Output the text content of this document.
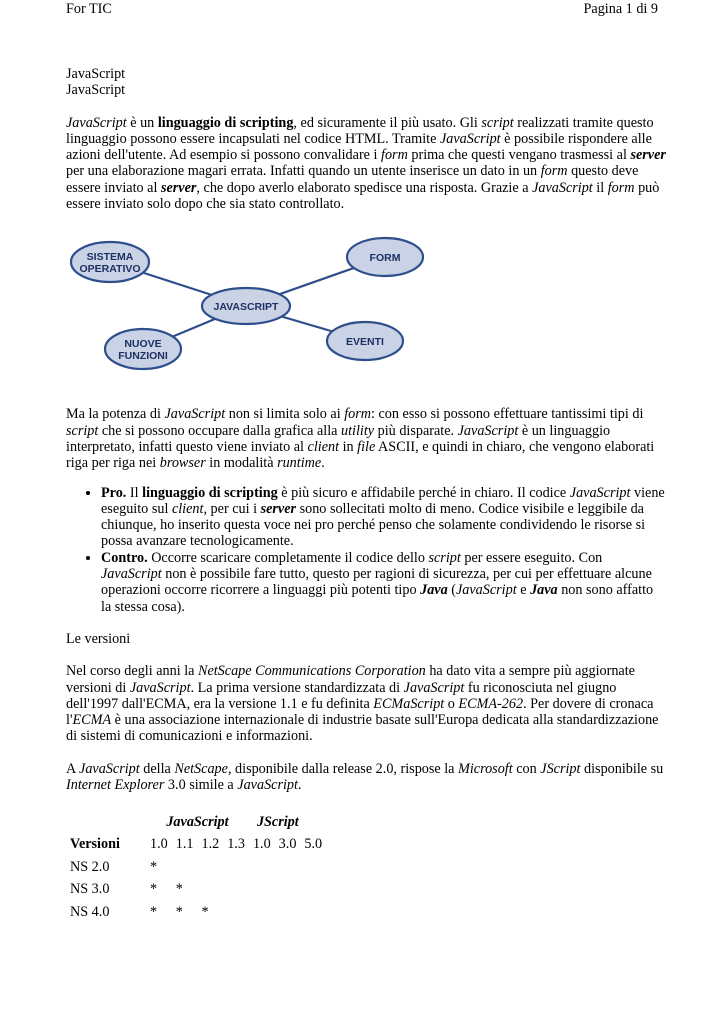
For TIC	Pagina 1 di 9

JavaScript

JavaScript

JavaScript è un linguaggio di scripting, ed sicuramente il più usato. Gli script realizzati tramite questo linguaggio possono essere incapsulati nel codice HTML. Tramite JavaScript è possibile rispondere alle azioni dell'utente. Ad esempio si possono convalidare i form prima che questi vengano trasmessi al server per una elaborazione magari errata. Infatti quando un utente inserisce un dato in un form questo deve essere inviato al server, che dopo averlo elaborato spedisce una risposta. Grazie a JavaScript il form può essere inviato solo dopo che sia stato controllato.

SISTEMA OPERATIVO
FORM
NUOVE FUNZIONI
EVENTI
JAVASCRIPT

Ma la potenza di JavaScript non si limita solo ai form: con esso si possono effettuare tantissimi tipi di script che si possono occupare dalla grafica alla utility più disparate. JavaScript è un linguaggio interpretato, infatti questo viene inviato al client in file ASCII, e quindi in chiaro, che vengono elaborati riga per riga nei browser in modalità runtime.

• Pro. Il linguaggio di scripting è più sicuro e affidabile perché in chiaro. Il codice JavaScript viene eseguito sul client, per cui i server sono sollecitati molto di meno. Codice visibile e leggibile da chiunque, ho inserito questa voce nei pro perché penso che solamente condividendo le risorse si possa avanzare tecnologicamente.
• Contro. Occorre scaricare completamente il codice dello script per essere eseguito. Con JavaScript non è possibile fare tutto, questo per ragioni di sicurezza, per cui per effettuare alcune operazioni occorre ricorrere a linguaggi più potenti tipo Java (JavaScript e Java non sono affatto la stessa cosa).

Le versioni

Nel corso degli anni la NetScape Communications Corporation ha dato vita a sempre più aggiornate versioni di JavaScript. La prima versione standardizzata di JavaScript fu riconosciuta nel giugno dell'1997 dall'ECMA, era la versione 1.1 e fu definita ECMaScript o ECMA-262. Per dovere di cronaca l'ECMA è una associazione internazionale di industrie basate sull'Europa dedicata alla standardizzazione di sistemi di comunicazioni e informazioni.

A JavaScript della NetScape, disponibile dalla release 2.0, rispose la Microsoft con JScript disponibile su Internet Explorer 3.0 simile a JavaScript.

	JavaScript				JScript		
Versioni	1.0	1.1	1.2	1.3	1.0	3.0	5.0
NS 2.0	*						
NS 3.0	*	*					
NS 4.0	*	*	*				
